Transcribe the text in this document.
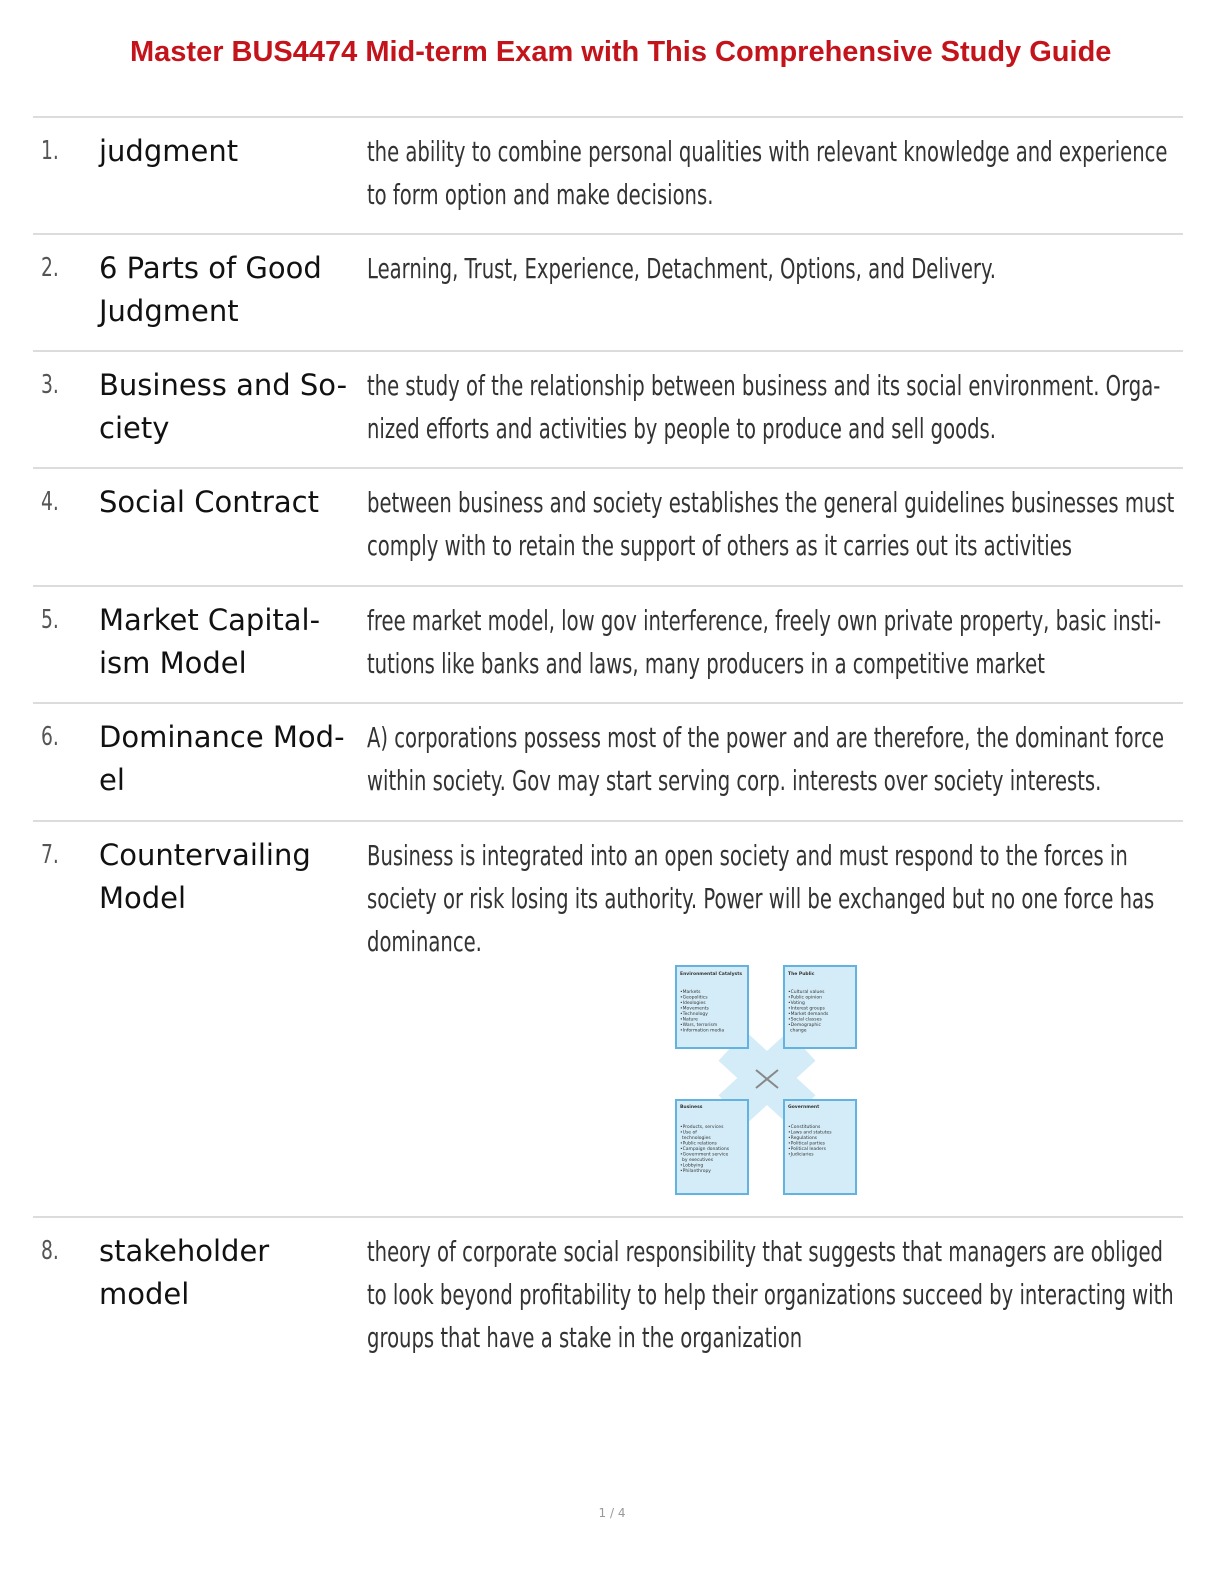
Master BUS4474 Mid-term Exam with This Comprehensive Study Guide
1. judgment	the ability to combine personal qualities with relevant knowledge and experience
to form option and make decisions.
2. 6 Parts of Good
Judgment
Learning, Trust, Experience, Detachment, Options, and Delivery.
3. Business and So-
ciety
the study of the relationship between business and its social environment. Orga-
nized efforts and activities by people to produce and sell goods.
4. Social Contract	between business and society establishes the general guidelines businesses must
comply with to retain the support of others as it carries out its activities
5. Market Capital-
ism Model
free market model, low gov interference, freely own private property, basic insti-
tutions like banks and laws, many producers in a competitive market
6. Dominance Mod-
el
A) corporations possess most of the power and are therefore, the dominant force
within society. Gov may start serving corp. interests over society interests.
7. Countervailing
Model
Business is integrated into an open society and must respond to the forces in
society or risk losing its authority. Power will be exchanged but no one force has
dominance.
Environmental Catalysts
•Markets •Geopolitics •Ideologies •Movements •Technology •Nature •Wars, terrorism •Information media
The Public
•Cultural values •Public opinion •Voting •Interest groups •Market demands •Social classes •Demographic change
Business
•Products, services •Use of technologies •Public relations •Campaign donations •Government service by executives •Lobbying •Philanthropy
Government
•Constitutions •Laws and statutes •Regulations •Political parties •Political leaders •Judiciaries
8. stakeholder
model
theory of corporate social responsibility that suggests that managers are obliged
to look beyond profitability to help their organizations succeed by interacting with
groups that have a stake in the organization
1 / 4
